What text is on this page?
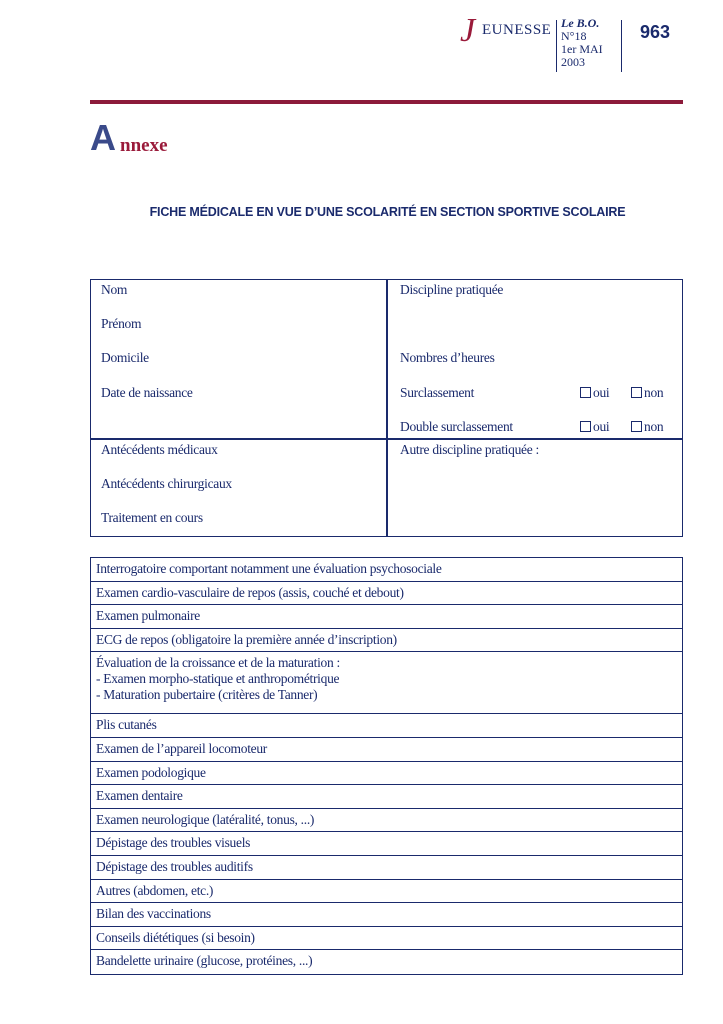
J EUNESSE Le B.O.
N°18
1er MAI
2003
963
A nnexe
FICHE MÉDICALE EN VUE D’UNE SCOLARITÉ EN SECTION SPORTIVE SCOLAIRE
Nom
Prénom
Domicile
Date de naissance
Discipline pratiquée
Nombres d’heures
Surclassement	oui	non
Double surclassement	oui	non
Antécédents médicaux
Antécédents chirurgicaux
Traitement en cours
Autre discipline pratiquée :
Interrogatoire comportant notamment une évaluation psychosociale
Examen cardio-vasculaire de repos (assis, couché et debout)
Examen pulmonaire
ECG de repos (obligatoire la première année d’inscription)
Évaluation de la croissance et de la maturation :
- Examen morpho-statique et anthropométrique
- Maturation pubertaire (critères de Tanner)
Plis cutanés
Examen de l’appareil locomoteur
Examen podologique
Examen dentaire
Examen neurologique (latéralité, tonus, ...)
Dépistage des troubles visuels
Dépistage des troubles auditifs
Autres (abdomen, etc.)
Bilan des vaccinations
Conseils diététiques (si besoin)
Bandelette urinaire (glucose, protéines, ...)
